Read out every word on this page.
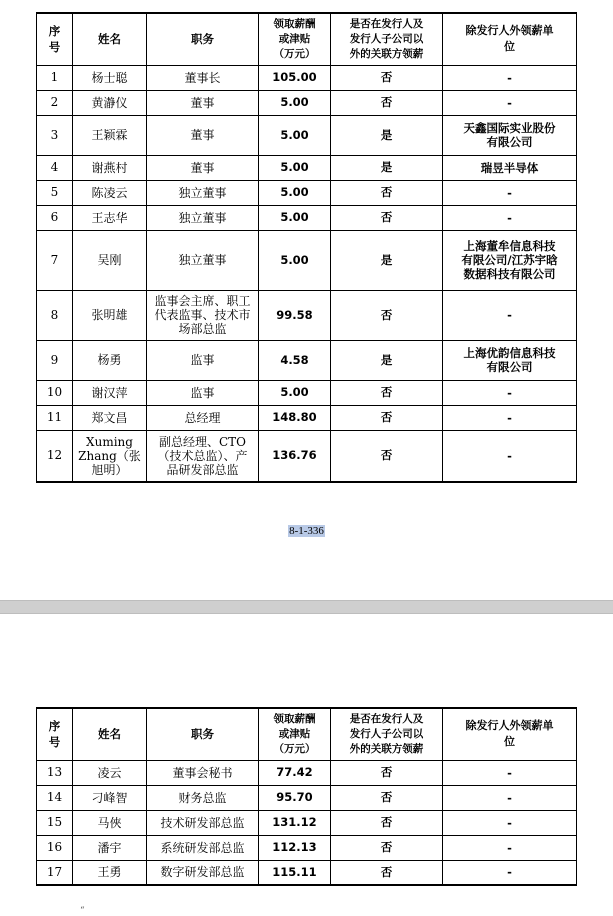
序
号	姓名	职务	领取薪酬
或津贴
（万元）	是否在发行人及
发行人子公司以
外的关联方领薪	除发行人外领薪单
位
1	杨士聪	董事长	105.00	否	-
2	黄瀞仪	董事	5.00	否	-
3	王颖霖	董事	5.00	是	天鑫国际实业股份
有限公司
4	谢燕村	董事	5.00	是	瑞昱半导体
5	陈凌云	独立董事	5.00	否	-
6	王志华	独立董事	5.00	否	-
7	吴刚	独立董事	5.00	是	上海董牟信息科技
有限公司/江苏宇晗
数据科技有限公司
8	张明雄	监事会主席、职工
代表监事、技术市
场部总监	99.58	否	-
9	杨勇	监事	4.58	是	上海优韵信息科技
有限公司
10	谢汉萍	监事	5.00	否	-
11	郑文昌	总经理	148.80	否	-
12	Xuming
Zhang（张
旭明）	副总经理、CTO
（技术总监）、产
品研发部总监	136.76	否	-
8-1-336
序
号	姓名	职务	领取薪酬
或津贴
（万元）	是否在发行人及
发行人子公司以
外的关联方领薪	除发行人外领薪单
位
13	凌云	董事会秘书	77.42	否	-
14	刁峰智	财务总监	95.70	否	-
15	马俠	技术研发部总监	131.12	否	-
16	潘宇	系统研发部总监	112.13	否	-
17	王勇	数字研发部总监	115.11	否	-
“
